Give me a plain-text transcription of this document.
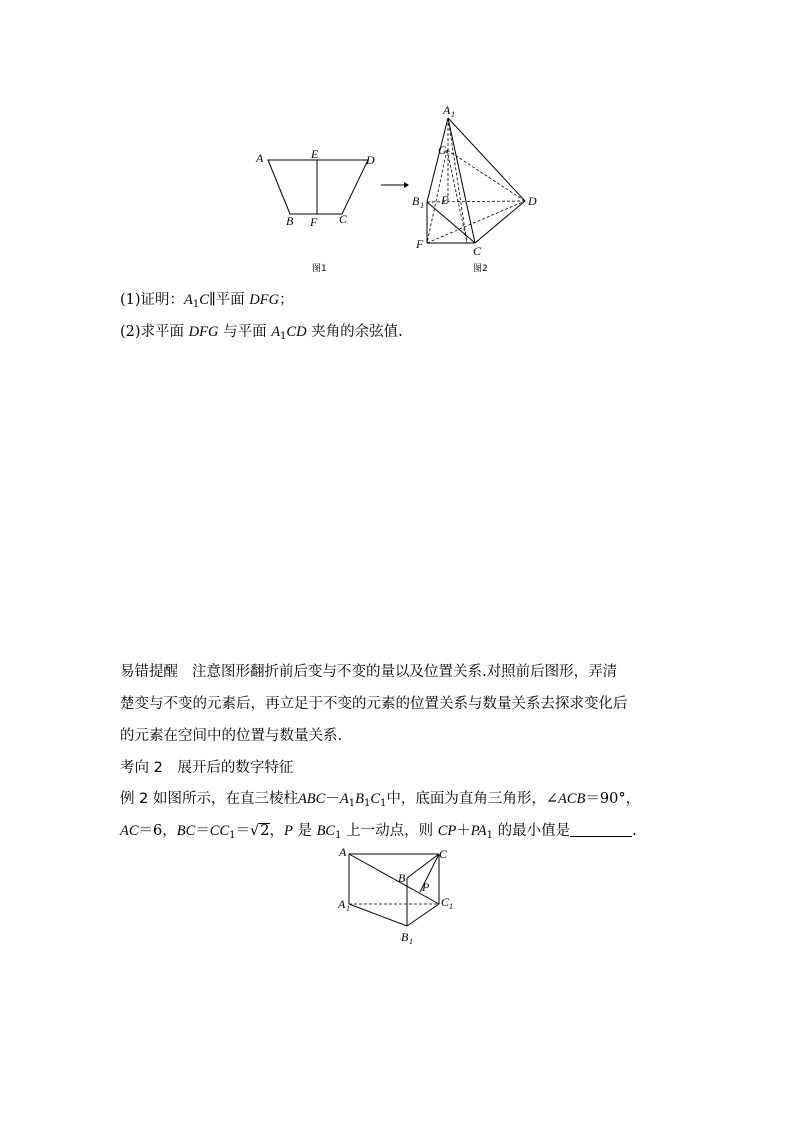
A	E	D
B F C
图1
A 1
G
B 1 E	D
F	C
图2
(1)证明：$A_1C\parallel$平面 DFG；
(2)求平面 DFG 与平面 $A_1CD$ 夹角的余弦值.
易错提醒 注意图形翻折前后变与不变的量以及位置关系.对照前后图形，弄清
楚变与不变的元素后，再立足于不变的元素的位置关系与数量关系去探求变化后
的元素在空间中的位置与数量关系.
考向 2　展开后的数字特征
例 2 如图所示，在直三棱柱$ABC-A_1B_1C_1$中，底面为直角三角形，∠ACB＝90°，
AC＝6，$BC=CC_1=√2$，P 是 $BC_1$ 上一动点，则 $CP+PA_1$ 的最小值是	.
A	C
B
P
A 1	C 1
B 1
